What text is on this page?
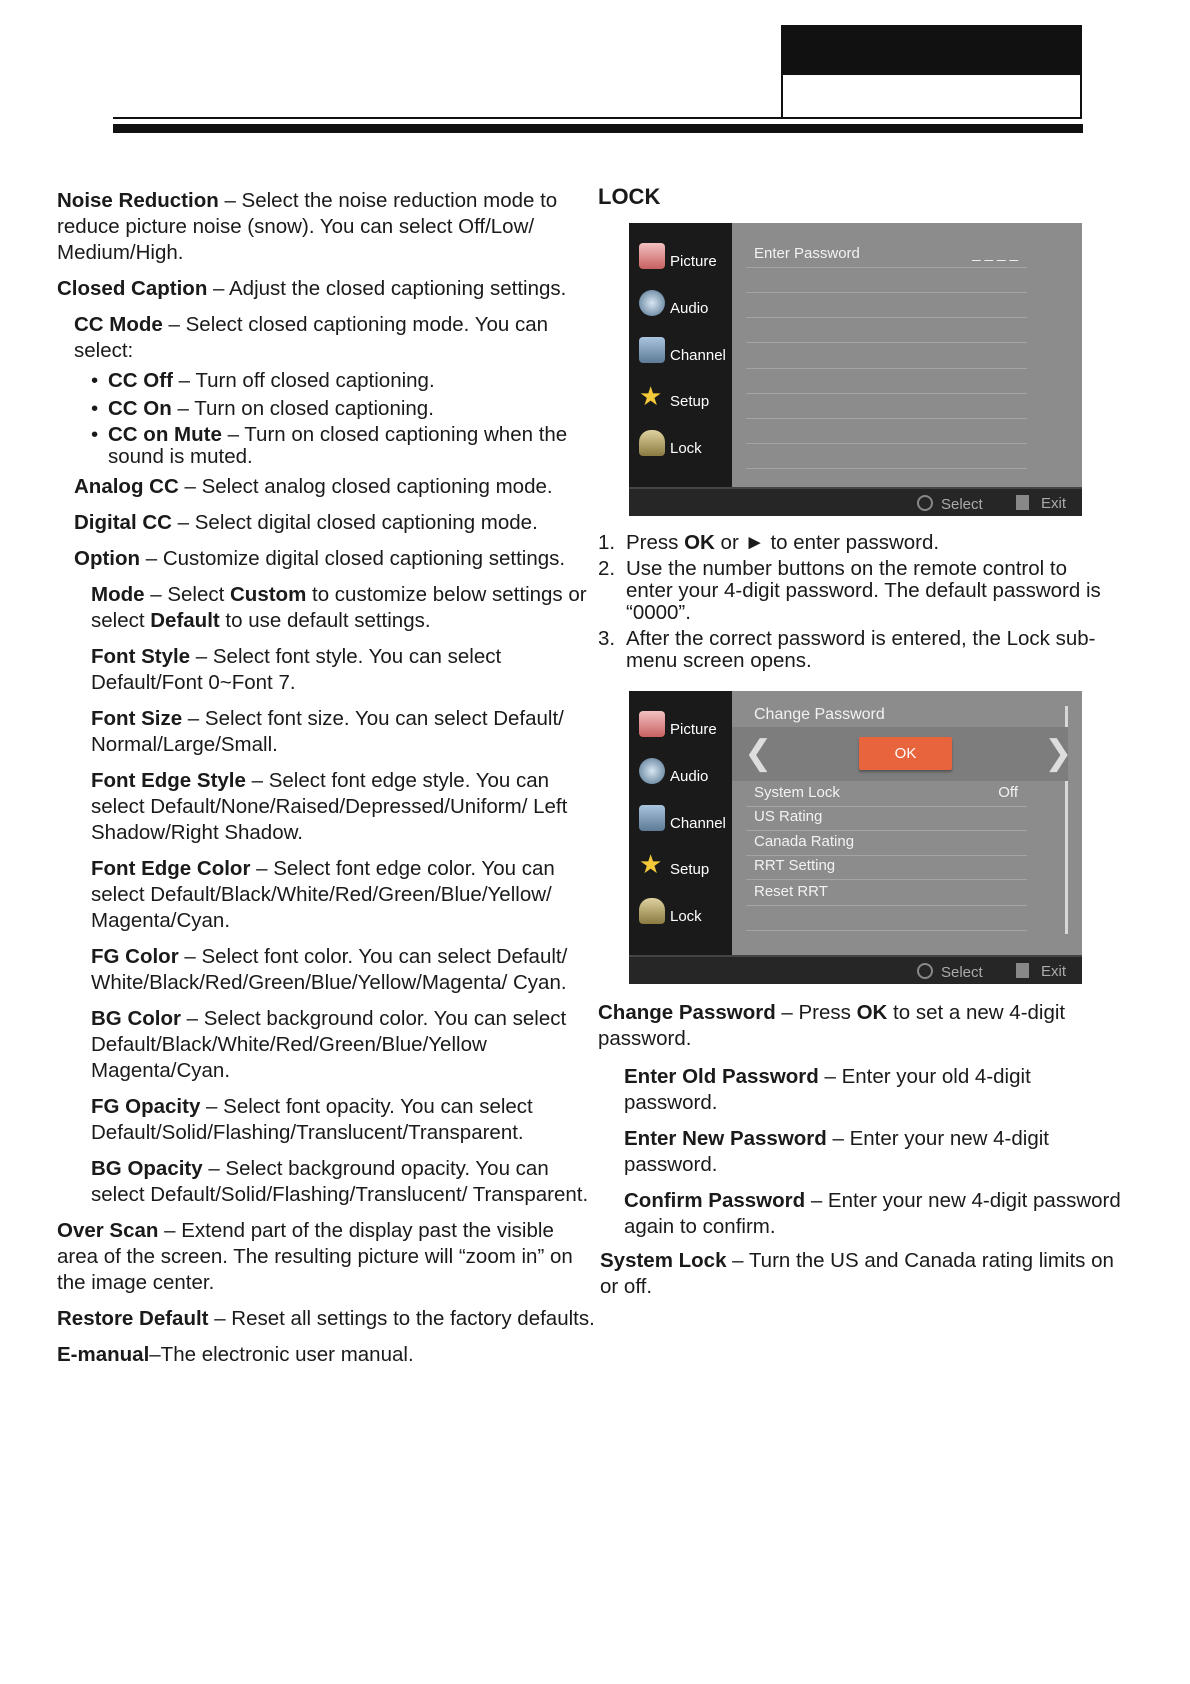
Noise Reduction – Select the noise reduction mode to reduce picture noise (snow). You can select Off/Low/ Medium/High.

Closed Caption – Adjust the closed captioning settings.

CC Mode – Select closed captioning mode. You can select:

• CC Off – Turn off closed captioning.
• CC On – Turn on closed captioning.
• CC on Mute – Turn on closed captioning when the sound is muted.

Analog CC – Select analog closed captioning mode.

Digital CC – Select digital closed captioning mode.

Option – Customize digital closed captioning settings.

Mode – Select Custom to customize below settings or select Default to use default settings.

Font Style – Select font style. You can select Default/Font 0~Font 7.

Font Size – Select font size. You can select Default/ Normal/Large/Small.

Font Edge Style – Select font edge style. You can select Default/None/Raised/Depressed/Uniform/ Left Shadow/Right Shadow.

Font Edge Color – Select font edge color. You can select Default/Black/White/Red/Green/Blue/Yellow/ Magenta/Cyan.

FG Color – Select font color. You can select Default/ White/Black/Red/Green/Blue/Yellow/Magenta/ Cyan.

BG Color – Select background color. You can select Default/Black/White/Red/Green/Blue/Yellow Magenta/Cyan.

FG Opacity – Select font opacity. You can select Default/Solid/Flashing/Translucent/Transparent.

BG Opacity – Select background opacity. You can select Default/Solid/Flashing/Translucent/ Transparent.

Over Scan – Extend part of the display past the visible area of the screen. The resulting picture will “zoom in” on the image center.

Restore Default – Reset all settings to the factory defaults.

E-manual–The electronic user manual.

LOCK

Picture
Audio
Channel
★ Setup
Lock
Enter Password	_ _ _ _
Select	Exit
1. Press OK or ► to enter password.
2. Use the number buttons on the remote control to enter your 4-digit password. The default password is “0000”.
3. After the correct password is entered, the Lock sub-menu screen opens.
Picture
Audio
Channel
★ Setup
Lock
Change Password
❮	❯
OK
System Lock	Off
US Rating
Canada Rating
RRT Setting
Reset RRT
Select	Exit

Change Password – Press OK to set a new 4-digit password.

Enter Old Password – Enter your old 4-digit password.

Enter New Password – Enter your new 4-digit password.

Confirm Password – Enter your new 4-digit password again to confirm.

System Lock – Turn the US and Canada rating limits on or off.
